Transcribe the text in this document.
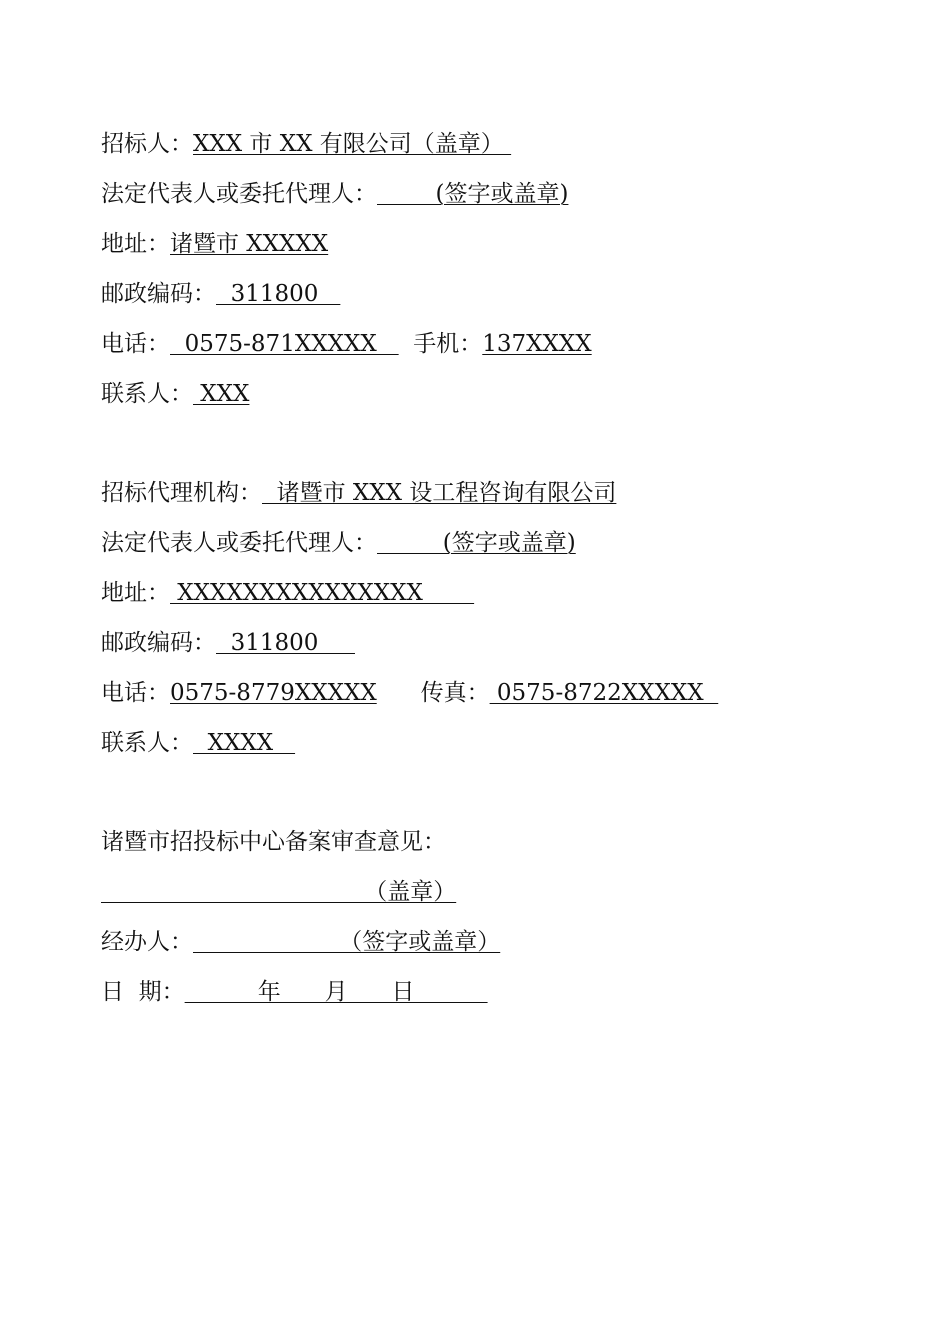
招标人：XXX 市 XX 有限公司（盖章）
法定代表人或委托代理人：        (签字或盖章)
地址：诸暨市 XXXXX
邮政编码：  311800
电话：  0575-871XXXXX     手机：137XXXX
联系人： XXX
招标代理机构：  诸暨市 XXX 设工程咨询有限公司
法定代表人或委托代理人：         (签字或盖章)
地址： XXXXXXXXXXXXXXX
邮政编码：  311800
电话：0575-8779XXXXX 传真： 0575-8722XXXXX
联系人：  XXXX
诸暨市招投标中心备案审查意见：
（盖章）
经办人：                    （签字或盖章）
日  期：          年      月      日
